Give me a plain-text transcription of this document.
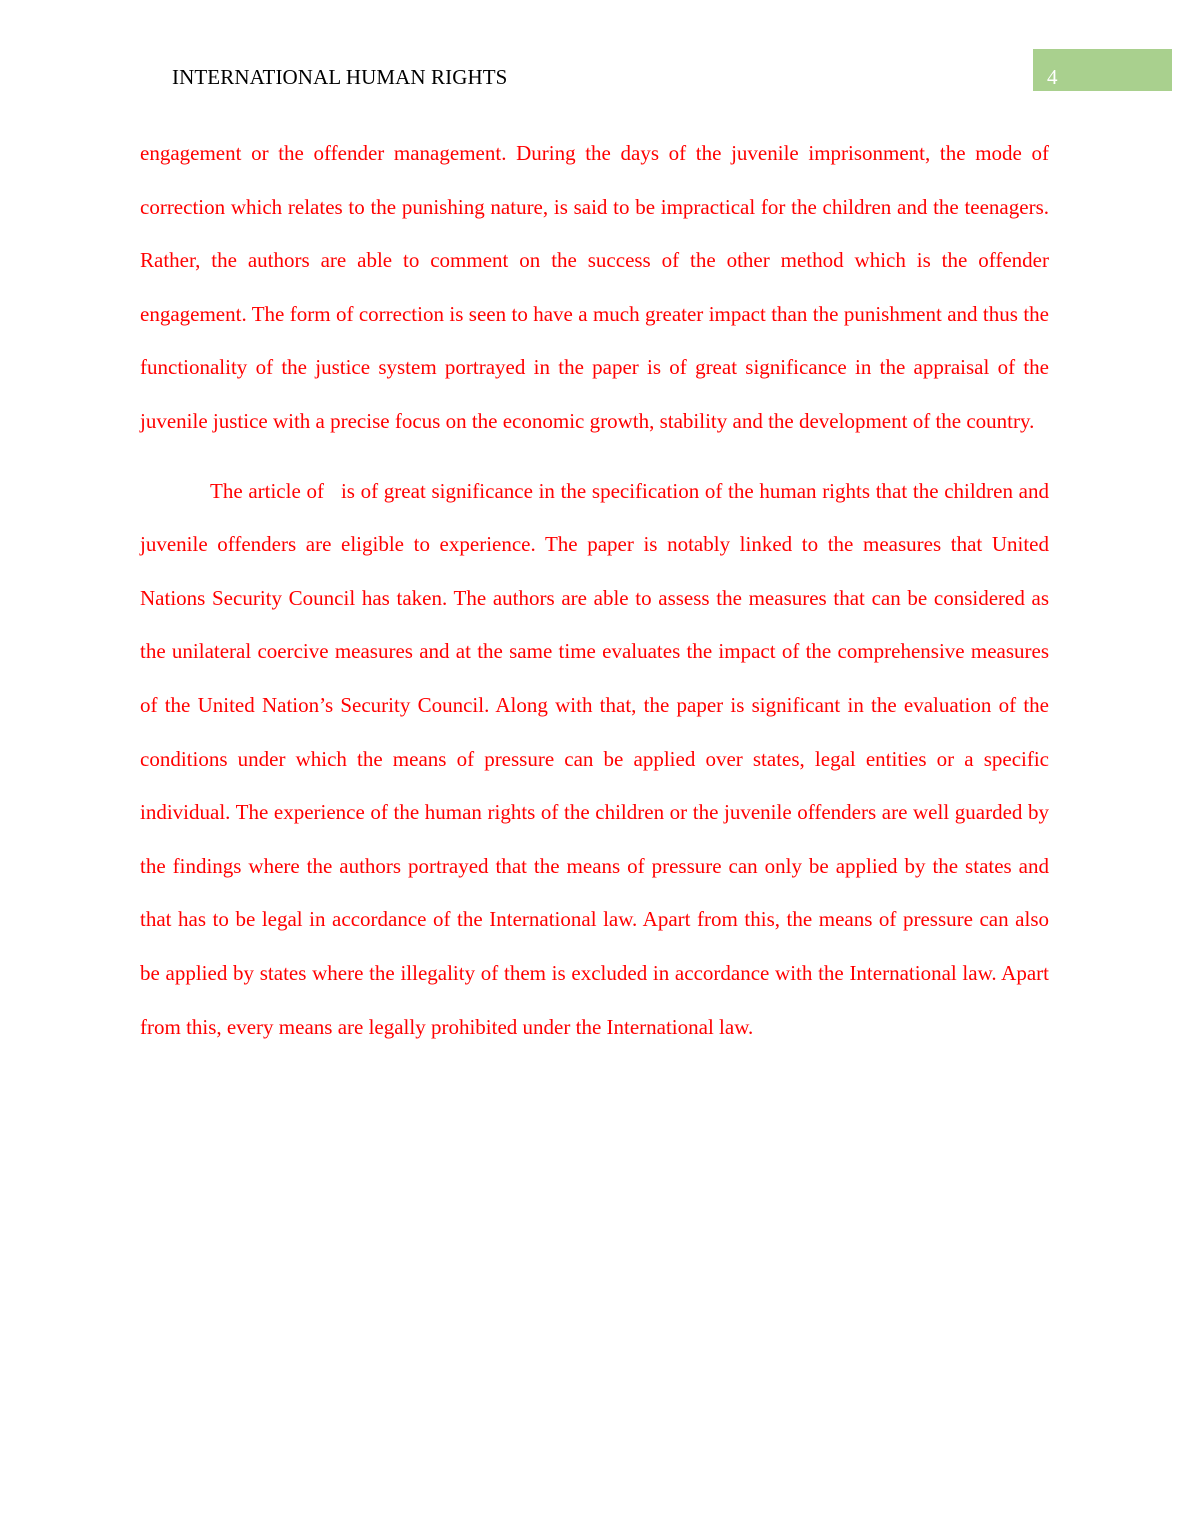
INTERNATIONAL HUMAN RIGHTS	4

engagement or the offender management. During the days of the juvenile imprisonment, the mode of correction which relates to the punishing nature, is said to be impractical for the children and the teenagers. Rather, the authors are able to comment on the success of the other method which is the offender engagement. The form of correction is seen to have a much greater impact than the punishment and thus the functionality of the justice system portrayed in the paper is of great significance in the appraisal of the juvenile justice with a precise focus on the economic growth, stability and the development of the country.

The article of   is of great significance in the specification of the human rights that the children and juvenile offenders are eligible to experience. The paper is notably linked to the measures that United Nations Security Council has taken. The authors are able to assess the measures that can be considered as the unilateral coercive measures and at the same time evaluates the impact of the comprehensive measures of the United Nation’s Security Council. Along with that, the paper is significant in the evaluation of the conditions under which the means of pressure can be applied over states, legal entities or a specific individual. The experience of the human rights of the children or the juvenile offenders are well guarded by the findings where the authors portrayed that the means of pressure can only be applied by the states and that has to be legal in accordance of the International law. Apart from this, the means of pressure can also be applied by states where the illegality of them is excluded in accordance with the International law. Apart from this, every means are legally prohibited under the International law.
